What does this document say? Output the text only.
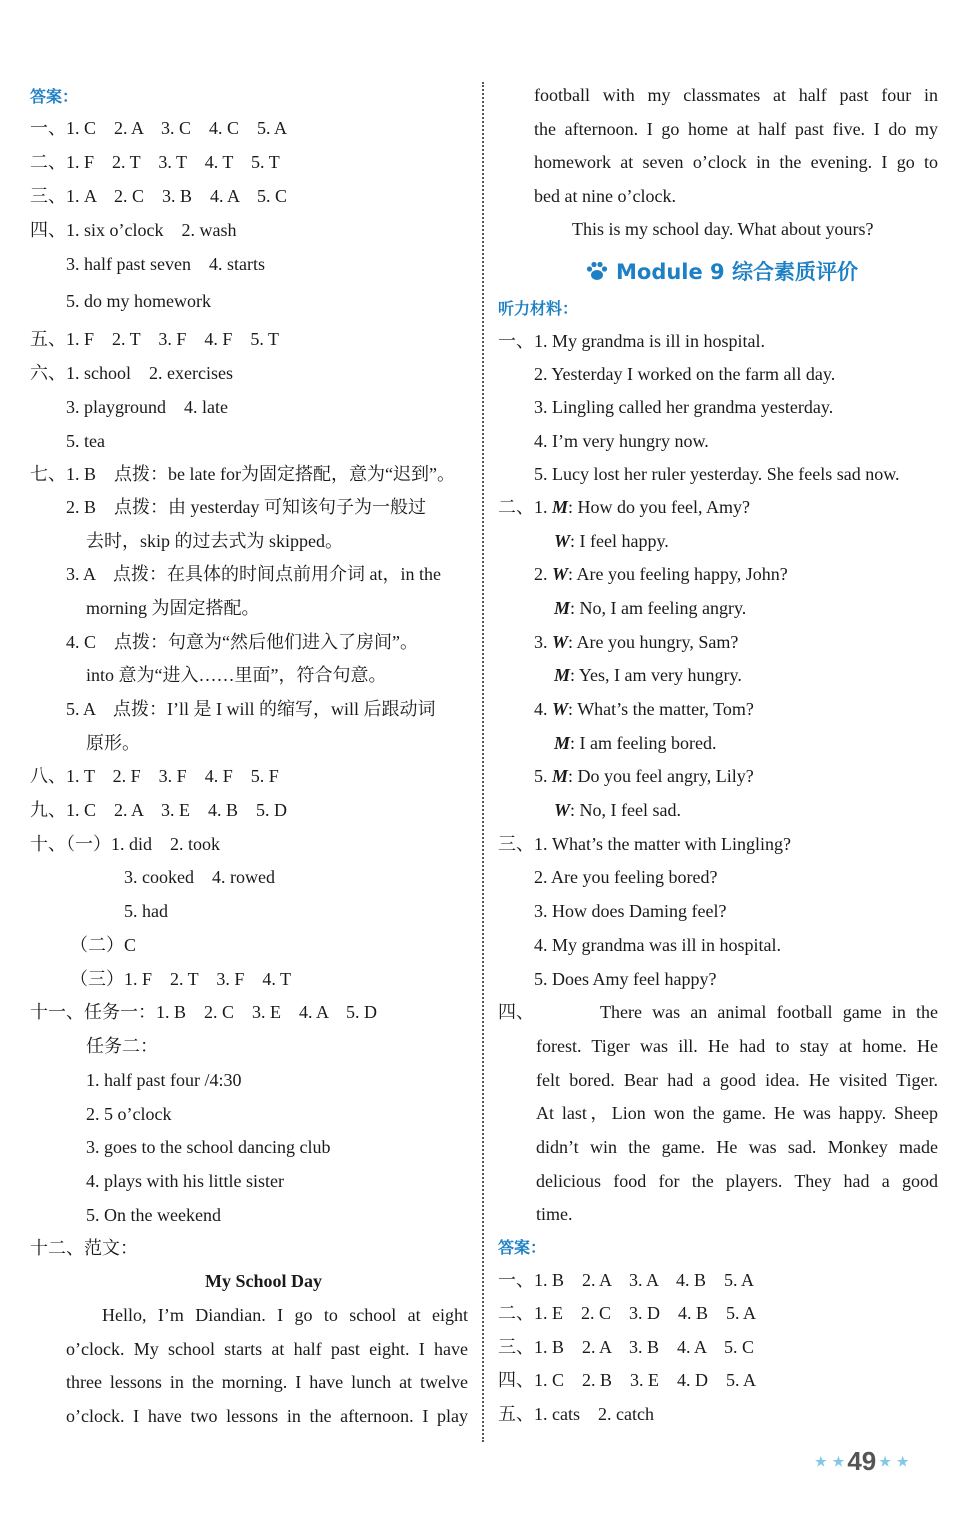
答案：
一、1. C　2. A　3. C　4. C　5. A
二、1. F　2. T　3. T　4. T　5. T
三、1. A　2. C　3. B　4. A　5. C
四、1. six o’clock　2. wash
3. half past seven　4. starts
5. do my homework
五、1. F　2. T　3. F　4. F　5. T
六、1. school　2. exercises
3. playground　4. late
5. tea
七、1. B　点拨：be late for为固定搭配，意为“迟到”。
2. B　点拨：由 yesterday 可知该句子为一般过
去时，skip 的过去式为 skipped。
3. A　点拨：在具体的时间点前用介词 at，in the
morning 为固定搭配。
4. C　点拨：句意为“然后他们进入了房间”。
into 意为“进入……里面”，符合句意。
5. A　点拨：I’ll 是 I will 的缩写，will 后跟动词
原形。
八、1. T　2. F　3. F　4. F　5. F
九、1. C　2. A　3. E　4. B　5. D
十、（一）1. did　2. took
3. cooked　4. rowed
5. had
（二）C
（三）1. F　2. T　3. F　4. T
十一、任务一：1. B　2. C　3. E　4. A　5. D
任务二：
1. half past four /4:30
2. 5 o’clock
3. goes to the school dancing club
4. plays with his little sister
5. On the weekend
十二、范文：
My School Day
Hello, I’m Diandian. I go to school at eight
o’clock. My school starts at half past eight. I have
three lessons in the morning. I have lunch at twelve
o’clock. I have two lessons in the afternoon. I play
football with my classmates at half past four in
the afternoon. I go home at half past five. I do my
homework at seven o’clock in the evening. I go to
bed at nine o’clock.
This is my school day. What about yours?
Module 9 综合素质评价
听力材料：
一、1. My grandma is ill in hospital.
2. Yesterday I worked on the farm all day.
3. Lingling called her grandma yesterday.
4. I’m very hungry now.
5. Lucy lost her ruler yesterday. She feels sad now.
二、1. M: How do you feel, Amy?
W: I feel happy.
2. W: Are you feeling happy, John?
M: No, I am feeling angry.
3. W: Are you hungry, Sam?
M: Yes, I am very hungry.
4. W: What’s the matter, Tom?
M: I am feeling bored.
5. M: Do you feel angry, Lily?
W: No, I feel sad.
三、1. What’s the matter with Lingling?
2. Are you feeling bored?
3. How does Daming feel?
4. My grandma was ill in hospital.
5. Does Amy feel happy?
四、	There was an animal football game in the
forest. Tiger was ill. He had to stay at home. He
felt bored. Bear had a good idea. He visited Tiger.
At last，Lion won the game. He was happy. Sheep
didn’t win the game. He was sad. Monkey made
delicious food for the players. They had a good
time.
答案：
一、1. B　2. A　3. A　4. B　5. A
二、1. E　2. C　3. D　4. B　5. A
三、1. B　2. A　3. B　4. A　5. C
四、1. C　2. B　3. E　4. D　5. A
五、1. cats　2. catch
★ ★ 49 ★ ★
